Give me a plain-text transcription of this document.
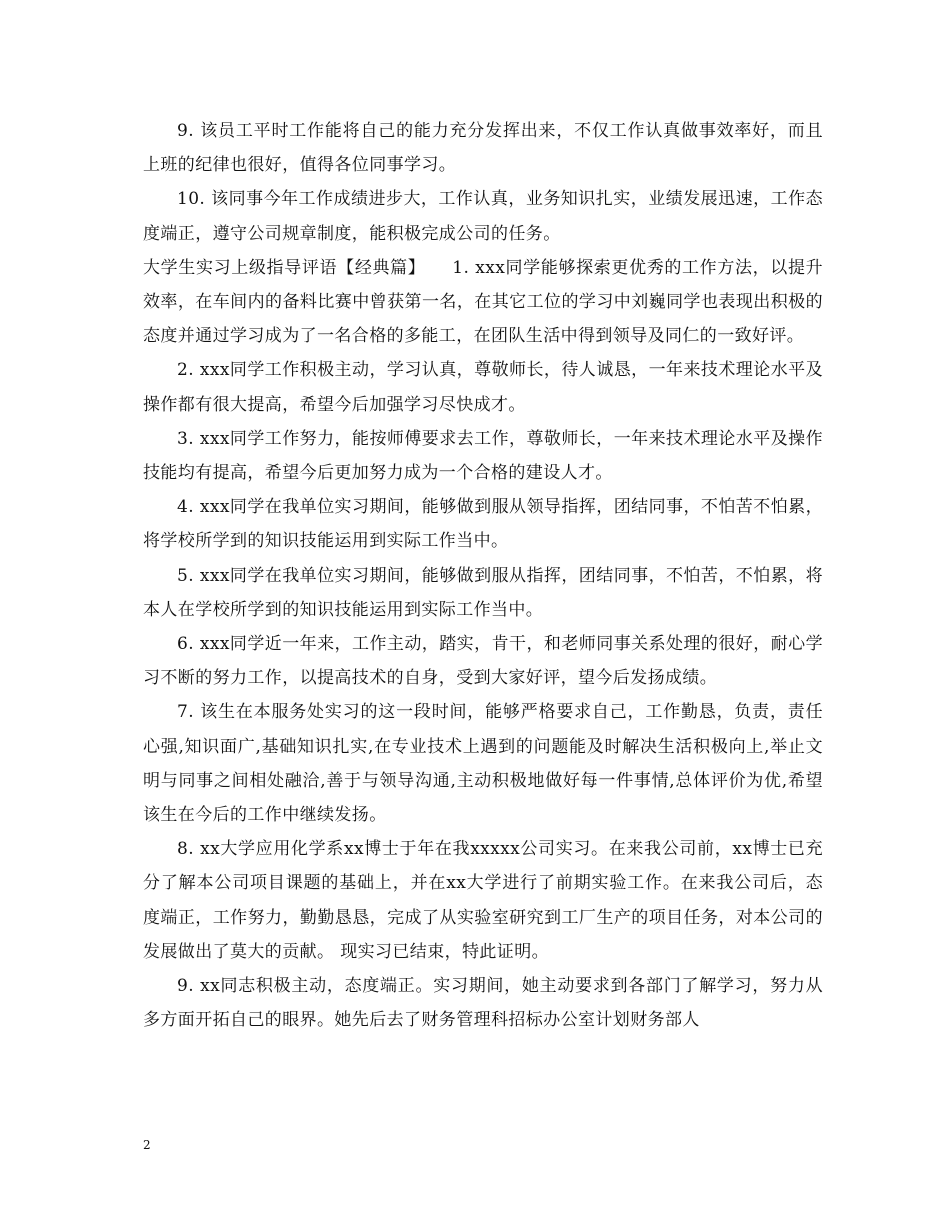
9. 该员工平时工作能将自己的能力充分发挥出来，不仅工作认真做事效率好，而且上班的纪律也很好，值得各位同事学习。

10. 该同事今年工作成绩进步大，工作认真，业务知识扎实，业绩发展迅速，工作态度端正，遵守公司规章制度，能积极完成公司的任务。

大学生实习上级指导评语【经典篇】　　1. xxx同学能够探索更优秀的工作方法，以提升效率，在车间内的备料比赛中曾获第一名，在其它工位的学习中刘巍同学也表现出积极的态度并通过学习成为了一名合格的多能工，在团队生活中得到领导及同仁的一致好评。

2. xxx同学工作积极主动，学习认真，尊敬师长，待人诚恳，一年来技术理论水平及操作都有很大提高，希望今后加强学习尽快成才。

3. xxx同学工作努力，能按师傅要求去工作，尊敬师长，一年来技术理论水平及操作技能均有提高，希望今后更加努力成为一个合格的建设人才。

4. xxx同学在我单位实习期间，能够做到服从领导指挥，团结同事，不怕苦不怕累，将学校所学到的知识技能运用到实际工作当中。

5. xxx同学在我单位实习期间，能够做到服从指挥，团结同事，不怕苦，不怕累，将本人在学校所学到的知识技能运用到实际工作当中。

6. xxx同学近一年来，工作主动，踏实，肯干，和老师同事关系处理的很好，耐心学习不断的努力工作，以提高技术的自身，受到大家好评，望今后发扬成绩。

7. 该生在本服务处实习的这一段时间，能够严格要求自己，工作勤恳，负责，责任心强,知识面广,基础知识扎实,在专业技术上遇到的问题能及时解决生活积极向上,举止文明与同事之间相处融洽,善于与领导沟通,主动积极地做好每一件事情,总体评价为优,希望该生在今后的工作中继续发扬。

8. xx大学应用化学系xx博士于年在我xxxxx公司实习。在来我公司前，xx博士已充分了解本公司项目课题的基础上，并在xx大学进行了前期实验工作。在来我公司后，态度端正，工作努力，勤勤恳恳，完成了从实验室研究到工厂生产的项目任务，对本公司的发展做出了莫大的贡献。 现实习已结束，特此证明。

9. xx同志积极主动，态度端正。实习期间，她主动要求到各部门了解学习，努力从多方面开拓自己的眼界。她先后去了财务管理科招标办公室计划财务部人

2
